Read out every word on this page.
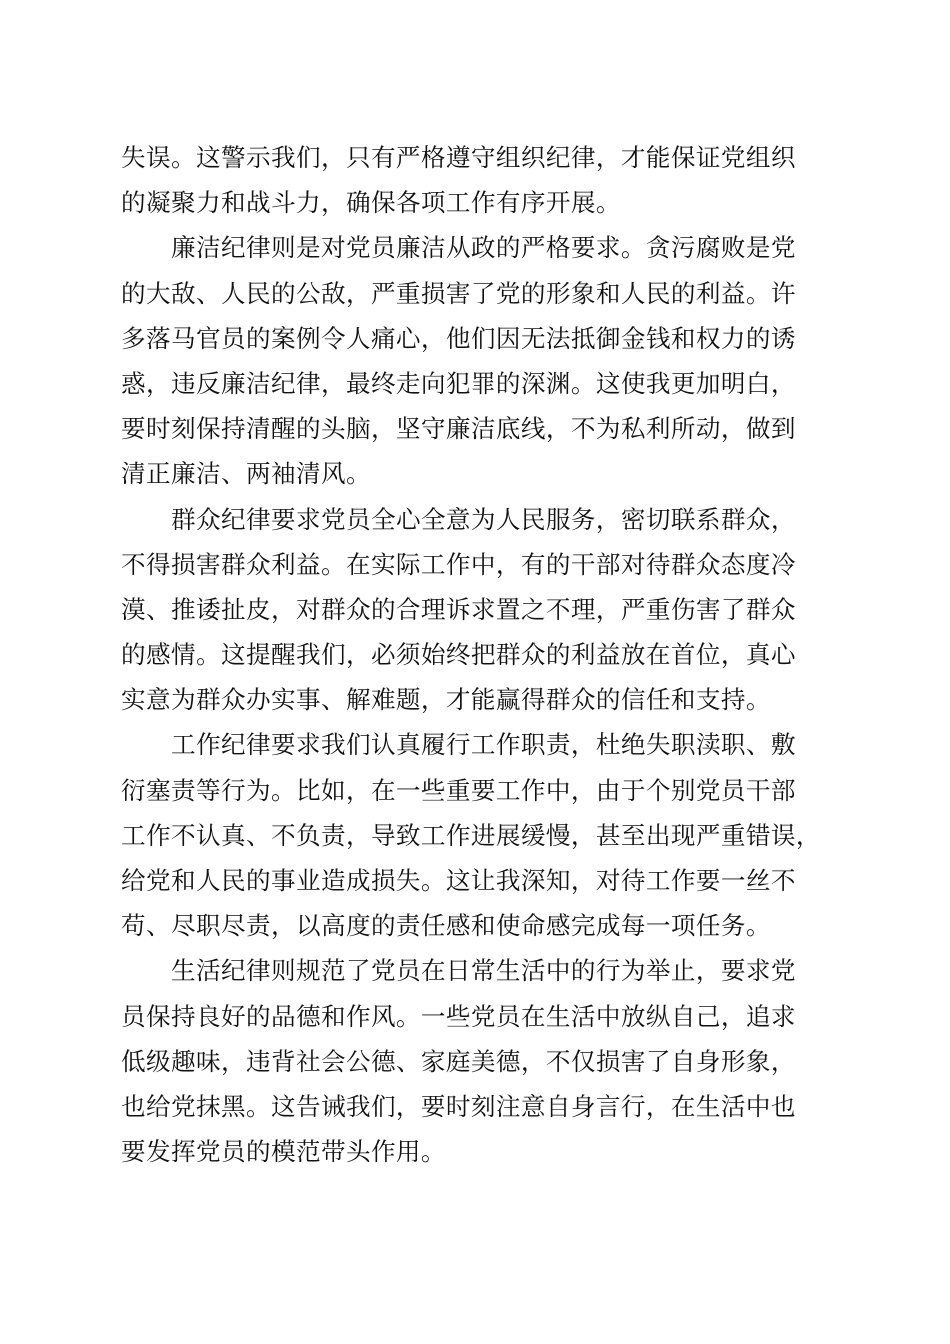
失误。这警示我们，只有严格遵守组织纪律，才能保证党组织
的凝聚力和战斗力，确保各项工作有序开展。
廉洁纪律则是对党员廉洁从政的严格要求。贪污腐败是党
的大敌、人民的公敌，严重损害了党的形象和人民的利益。许
多落马官员的案例令人痛心，他们因无法抵御金钱和权力的诱
惑，违反廉洁纪律，最终走向犯罪的深渊。这使我更加明白，
要时刻保持清醒的头脑，坚守廉洁底线，不为私利所动，做到
清正廉洁、两袖清风。
群众纪律要求党员全心全意为人民服务，密切联系群众，
不得损害群众利益。在实际工作中，有的干部对待群众态度冷
漠、推诿扯皮，对群众的合理诉求置之不理，严重伤害了群众
的感情。这提醒我们，必须始终把群众的利益放在首位，真心
实意为群众办实事、解难题，才能赢得群众的信任和支持。
工作纪律要求我们认真履行工作职责，杜绝失职渎职、敷
衍塞责等行为。比如，在一些重要工作中，由于个别党员干部
工作不认真、不负责，导致工作进展缓慢，甚至出现严重错误，
给党和人民的事业造成损失。这让我深知，对待工作要一丝不
苟、尽职尽责，以高度的责任感和使命感完成每一项任务。
生活纪律则规范了党员在日常生活中的行为举止，要求党
员保持良好的品德和作风。一些党员在生活中放纵自己，追求
低级趣味，违背社会公德、家庭美德，不仅损害了自身形象，
也给党抹黑。这告诫我们，要时刻注意自身言行，在生活中也
要发挥党员的模范带头作用。
